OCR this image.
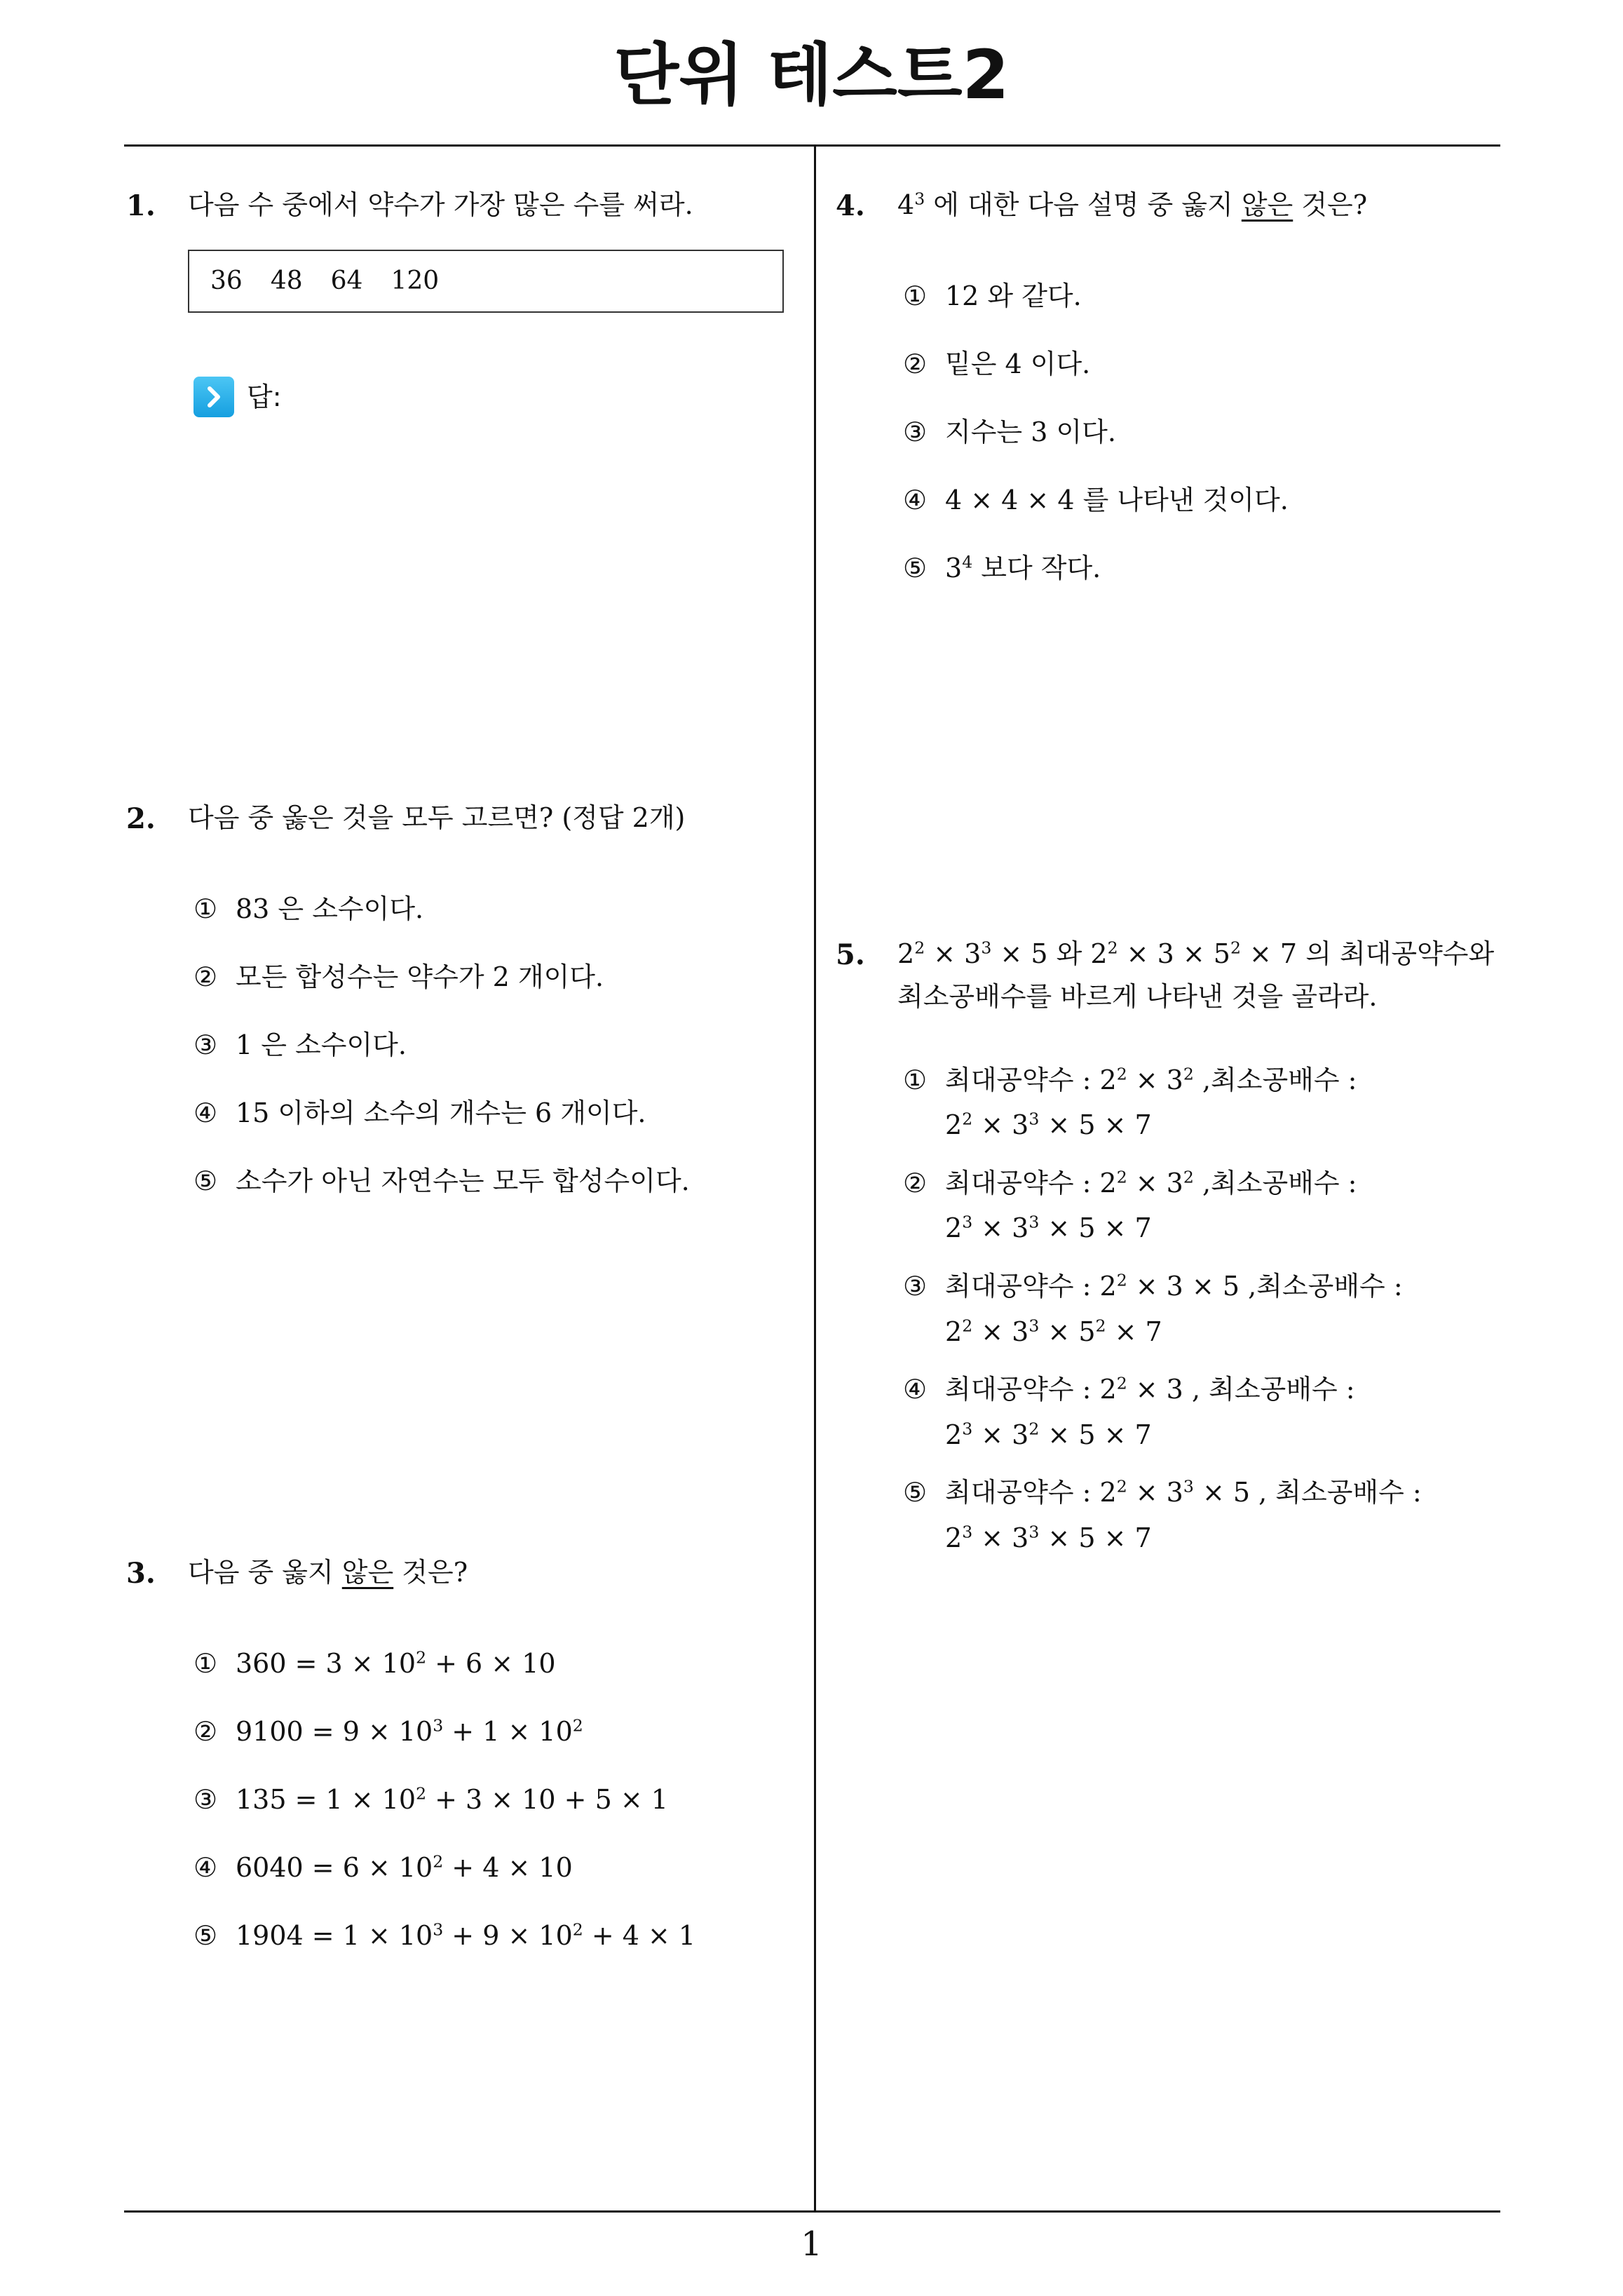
단위 테스트2
1
1.	다음 수 중에서 약수가 가장 많은 수를 써라.
36 48 64 120
답:
2.	다음 중 옳은 것을 모두 고르면? (정답 2개)
① 83 은 소수이다.
② 모든 합성수는 약수가 2 개이다.
③ 1 은 소수이다.
④ 15 이하의 소수의 개수는 6 개이다.
⑤ 소수가 아닌 자연수는 모두 합성수이다.
3.	다음 중 옳지 않은 것은?
① $360 = 3 \times 10^2 + 6 \times 10$
② $9100 = 9 \times 10^3 + 1 \times 10^2$
③ $135 = 1 \times 10^2 + 3 \times 10 + 5 \times 1$
④ $6040 = 6 \times 10^2 + 4 \times 10$
⑤ $1904 = 1 \times 10^3 + 9 \times 10^2 + 4 \times 1$
4.	$4^3$ 에 대한 다음 설명 중 옳지 않은 것은?
① 12 와 같다.
② 밑은 4 이다.
③ 지수는 3 이다.
④ 4 × 4 × 4 를 나타낸 것이다.
⑤ $3^4$ 보다 작다.
5.	$2^2 \times 3^3 \times 5$ 와 $2^2 \times 3 \times 5^2 \times 7$ 의 최대공약수와 최소공배수를 바르게 나타낸 것을 골라라.
① 최대공약수 : $2^2 \times 3^2$ ,최소공배수 :
$2^2 \times 3^3 \times 5 \times 7$
② 최대공약수 : $2^2 \times 3^2$ ,최소공배수 :
$2^3 \times 3^3 \times 5 \times 7$
③ 최대공약수 : $2^2 \times 3 \times 5$ ,최소공배수 :
$2^2 \times 3^3 \times 5^2 \times 7$
④ 최대공약수 : $2^2 \times 3$ , 최소공배수 :
$2^3 \times 3^2 \times 5 \times 7$
⑤ 최대공약수 : $2^2 \times 3^3 \times 5$ , 최소공배수 :
$2^3 \times 3^3 \times 5 \times 7$
